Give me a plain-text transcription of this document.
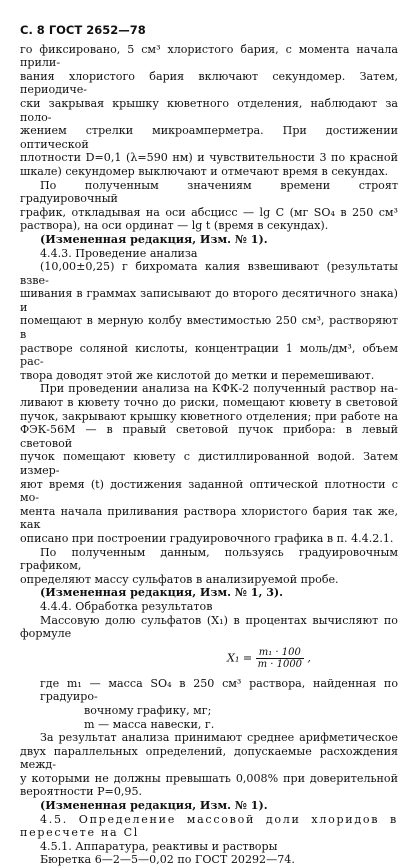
С. 8 ГОСТ 2652—78
го фиксировано, 5 см³ хлористого бария, с момента начала прили-
вания хлористого бария включают секундомер. Затем, периодиче-
ски закрывая крышку кюветного отделения, наблюдают за поло-
жением стрелки микроамперметра. При достижении оптической
плотности D=0,1 (λ=590 нм) и чувствительности 3 по красной
шкале) секундомер выключают и отмечают время в секундах.
По полученным значениям времени строят градуировочный
график, откладывая на оси абсцисс — lg C (мг SO₄ в 250 см³
раствора), на оси ординат — lg t (время в секундах).
(Измененная редакция, Изм. № 1).
4.4.3. Проведение анализа
(10,00±0,25) г бихромата калия взвешивают (результаты взве-
шивания в граммах записывают до второго десятичного знака) и
помещают в мерную колбу вместимостью 250 см³, растворяют в
растворе соляной кислоты, концентрации 1 моль/дм³, объем рас-
твора доводят этой же кислотой до метки и перемешивают.
При проведении анализа на КФК-2 полученный раствор на-
ливают в кювету точно до риски, помещают кювету в световой
пучок, закрывают крышку кюветного отделения; при работе на
ФЭК-56М — в правый световой пучок прибора: в левый световой
пучок помещают кювету с дистиллированной водой. Затем измер-
яют время (t) достижения заданной оптической плотности с мо-
мента начала приливания раствора хлористого бария так же, как
описано при построении градуировочного графика в п. 4.4.2.1.
По полученным данным, пользуясь градуировочным графиком,
определяют массу сульфатов в анализируемой пробе.
(Измененная редакция, Изм. № 1, 3).
4.4.4. Обработка результатов
Массовую долю сульфатов (X₁) в процентах вычисляют по
формуле
$X_1 = \frac{\text{m₁ · 100}}{m \cdot 1000}$ ,
где m₁ — масса SO₄ в 250 см³ раствора, найденная по градуиро-
вочному графику, мг;
m — масса навески, г.
За результат анализа принимают среднее арифметическое
двух параллельных определений, допускаемые расхождения межд-
у которыми не должны превышать 0,008% при доверительной
вероятности P=0,95.
(Измененная редакция, Изм. № 1).
4.5. Определение массовой доли хлоридов в
пересчете на Cl
4.5.1. Аппаратура, реактивы и растворы
Бюретка 6—2—5—0,02 по ГОСТ 20292—74.
